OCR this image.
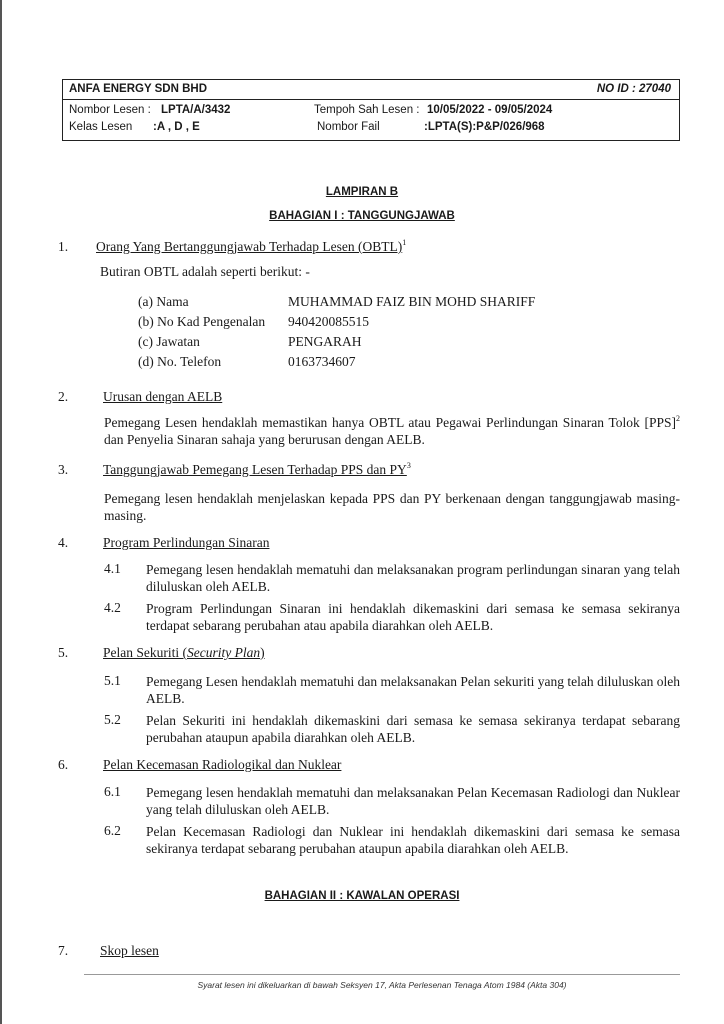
ANFA ENERGY SDN BHD	NO ID : 27040
Nombor Lesen : LPTA/A/3432	Tempoh Sah Lesen : 10/05/2022 - 09/05/2024
Kelas Lesen :A , D , E	Nombor Fail	:LPTA(S):P&P/026/968
LAMPIRAN B
BAHAGIAN I : TANGGUNGJAWAB
1. Orang Yang Bertanggungjawab Terhadap Lesen (OBTL)$^1$
Butiran OBTL adalah seperti berikut: -
(a) Nama	MUHAMMAD FAIZ BIN MOHD SHARIFF
(b) No Kad Pengenalan 940420085515
(c) Jawatan	PENGARAH
(d) No. Telefon	0163734607
2.	Urusan dengan AELB
Pemegang Lesen hendaklah memastikan hanya OBTL atau Pegawai Perlindungan Sinaran Tolok [PPS]$^2$ dan Penyelia Sinaran sahaja yang berurusan dengan AELB.
3.	Tanggungjawab Pemegang Lesen Terhadap PPS dan $PY^3$
Pemegang lesen hendaklah menjelaskan kepada PPS dan PY berkenaan dengan tanggungjawab masing-masing.
4.	Program Perlindungan Sinaran
4.1 Pemegang lesen hendaklah mematuhi dan melaksanakan program perlindungan sinaran yang telah diluluskan oleh AELB.
4.2 Program Perlindungan Sinaran ini hendaklah dikemaskini dari semasa ke semasa sekiranya terdapat sebarang perubahan atau apabila diarahkan oleh AELB.
5.	Pelan Sekuriti (Security Plan)
5.1 Pemegang Lesen hendaklah mematuhi dan melaksanakan Pelan sekuriti yang telah diluluskan oleh AELB.
5.2 Pelan Sekuriti ini hendaklah dikemaskini dari semasa ke semasa sekiranya terdapat sebarang perubahan ataupun apabila diarahkan oleh AELB.
6.	Pelan Kecemasan Radiologikal dan Nuklear
6.1 Pemegang lesen hendaklah mematuhi dan melaksanakan Pelan Kecemasan Radiologi dan Nuklear yang telah diluluskan oleh AELB.
6.2 Pelan Kecemasan Radiologi dan Nuklear ini hendaklah dikemaskini dari semasa ke semasa sekiranya terdapat sebarang perubahan ataupun apabila diarahkan oleh AELB.
BAHAGIAN II : KAWALAN OPERASI
7. Skop lesen
Syarat lesen ini dikeluarkan di bawah Seksyen 17, Akta Perlesenan Tenaga Atom 1984 (Akta 304)
